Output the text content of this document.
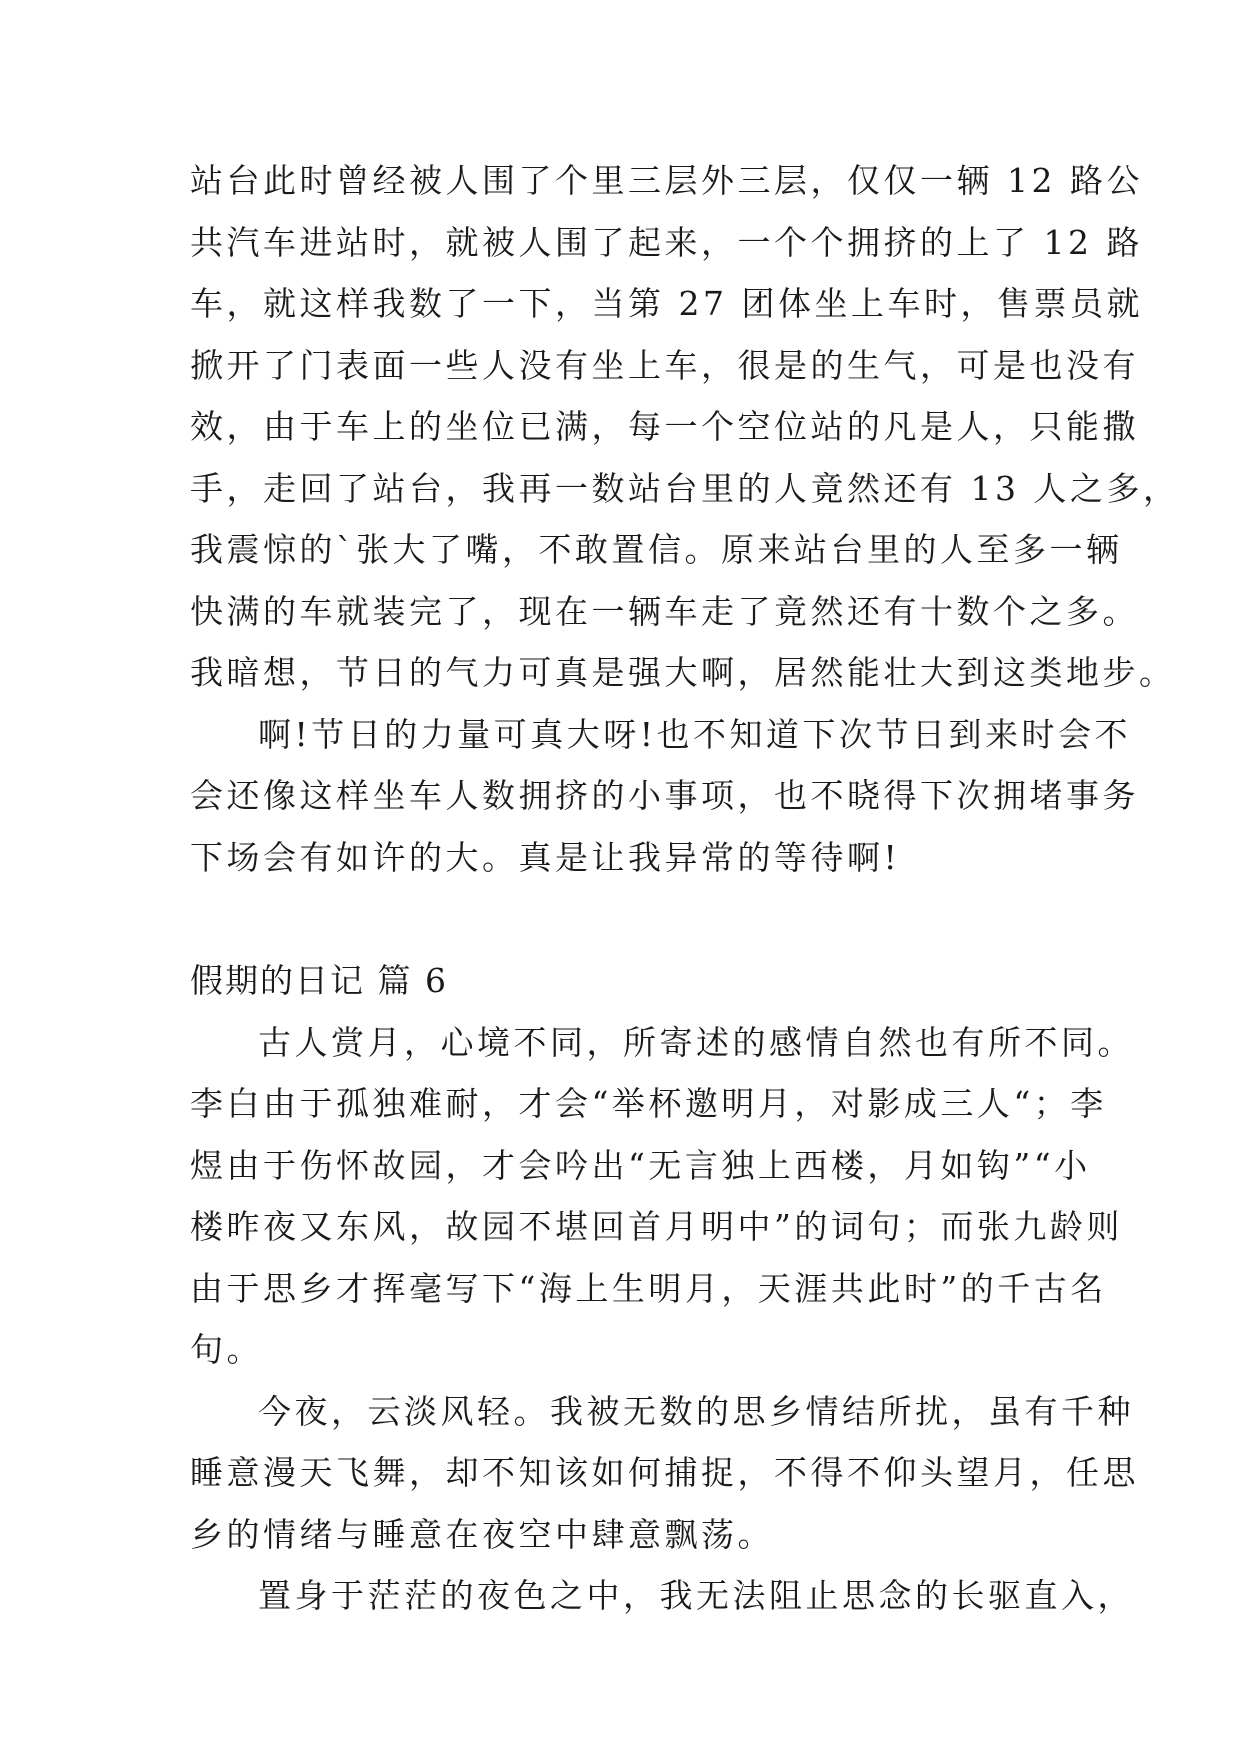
站台此时曾经被人围了个里三层外三层，仅仅一辆 12 路公
共汽车进站时，就被人围了起来，一个个拥挤的上了 12 路
车，就这样我数了一下，当第 27 团体坐上车时，售票员就
掀开了门表面一些人没有坐上车，很是的生气，可是也没有
效，由于车上的坐位已满，每一个空位站的凡是人，只能撒
手，走回了站台，我再一数站台里的人竟然还有 13 人之多，
我震惊的`张大了嘴，不敢置信。原来站台里的人至多一辆
快满的车就装完了，现在一辆车走了竟然还有十数个之多。
我暗想，节日的气力可真是强大啊，居然能壮大到这类地步。
啊!节日的力量可真大呀!也不知道下次节日到来时会不
会还像这样坐车人数拥挤的小事项，也不晓得下次拥堵事务
下场会有如许的大。真是让我异常的等待啊!
假期的日记 篇 6
古人赏月，心境不同，所寄述的感情自然也有所不同。
李白由于孤独难耐，才会“举杯邀明月，对影成三人“；李
煜由于伤怀故园，才会吟出“无言独上西楼，月如钩”“小
楼昨夜又东风，故园不堪回首月明中”的词句；而张九龄则
由于思乡才挥毫写下“海上生明月，天涯共此时”的千古名
句。
今夜，云淡风轻。我被无数的思乡情结所扰，虽有千种
睡意漫天飞舞，却不知该如何捕捉，不得不仰头望月，任思
乡的情绪与睡意在夜空中肆意飘荡。
置身于茫茫的夜色之中，我无法阻止思念的长驱直入，
